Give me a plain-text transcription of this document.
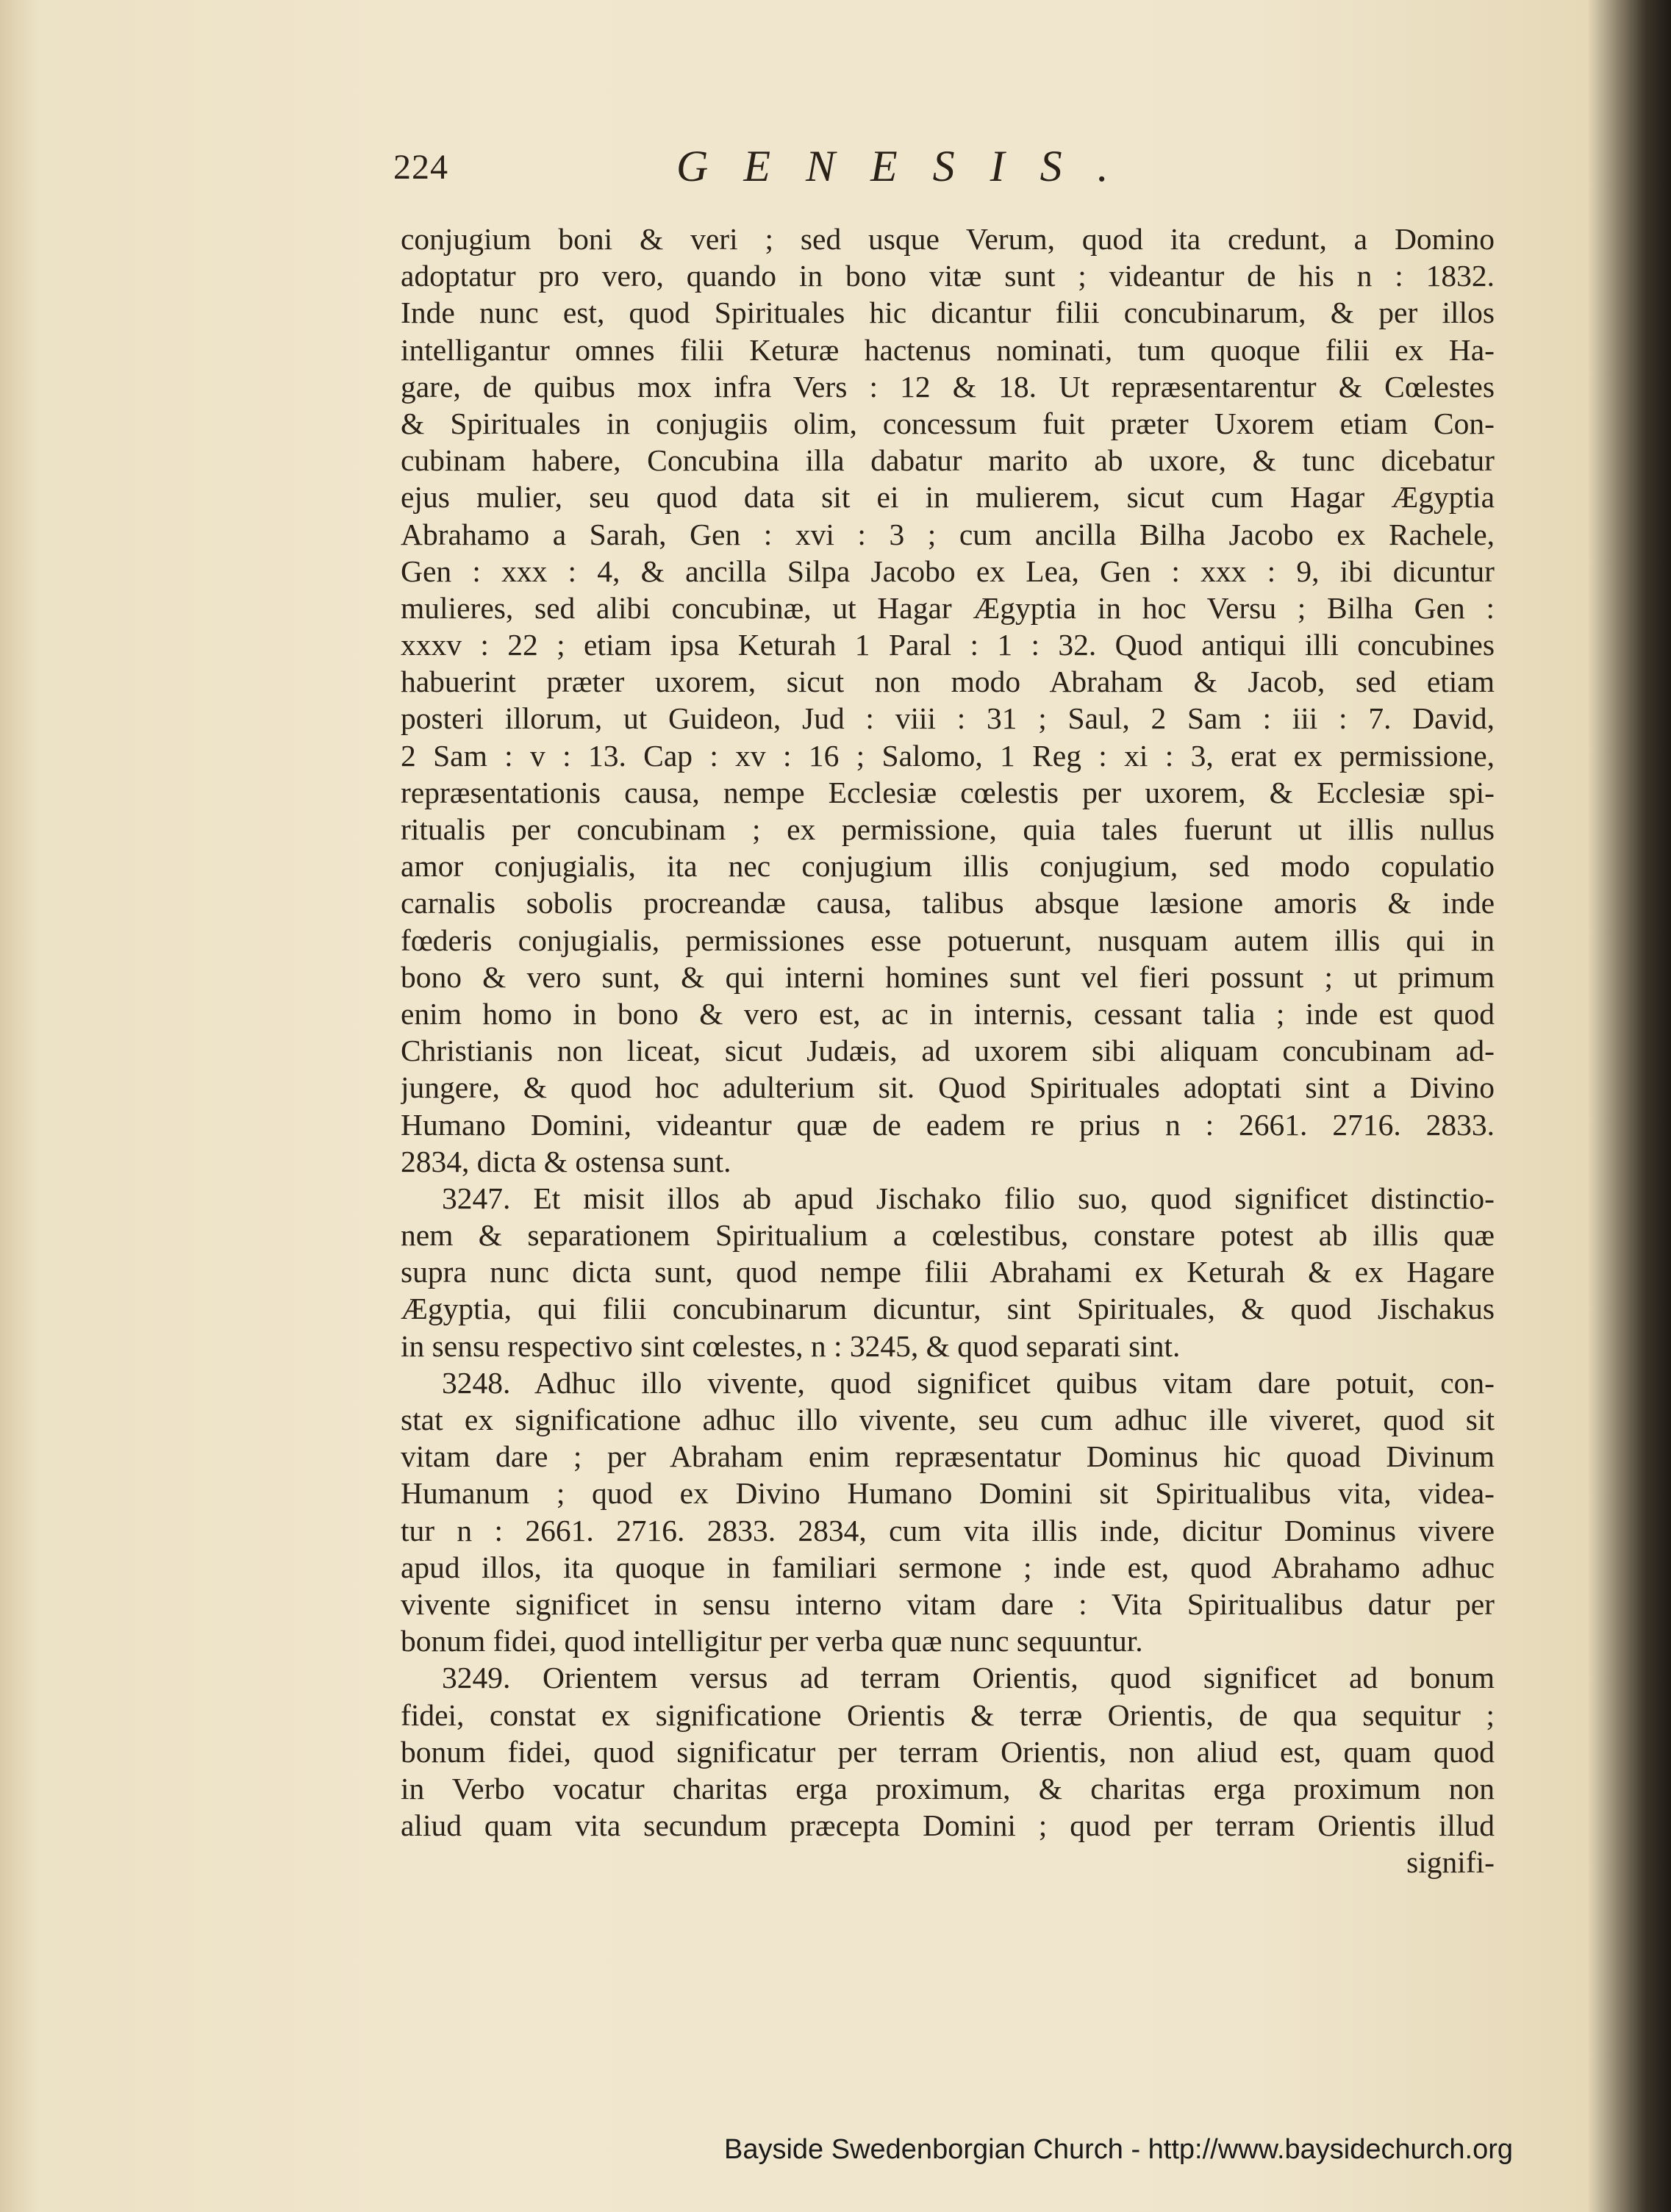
224	GENESIS.
conjugium boni & veri ; sed usque Verum, quod ita credunt, a Domino
adoptatur pro vero, quando in bono vitæ sunt ; videantur de his n : 1832.
Inde nunc est, quod Spirituales hic dicantur filii concubinarum, & per illos
intelligantur omnes filii Keturæ hactenus nominati, tum quoque filii ex Ha-
gare, de quibus mox infra Vers : 12 & 18. Ut repræsentarentur & Cœlestes
& Spirituales in conjugiis olim, concessum fuit præter Uxorem etiam Con-
cubinam habere, Concubina illa dabatur marito ab uxore, & tunc dicebatur
ejus mulier, seu quod data sit ei in mulierem, sicut cum Hagar Ægyptia
Abrahamo a Sarah, Gen : xvi : 3 ; cum ancilla Bilha Jacobo ex Rachele,
Gen : xxx : 4, & ancilla Silpa Jacobo ex Lea, Gen : xxx : 9, ibi dicuntur
mulieres, sed alibi concubinæ, ut Hagar Ægyptia in hoc Versu ; Bilha Gen :
xxxv : 22 ; etiam ipsa Keturah 1 Paral : 1 : 32. Quod antiqui illi concubines
habuerint præter uxorem, sicut non modo Abraham & Jacob, sed etiam
posteri illorum, ut Guideon, Jud : viii : 31 ; Saul, 2 Sam : iii : 7. David,
2 Sam : v : 13. Cap : xv : 16 ; Salomo, 1 Reg : xi : 3, erat ex permissione,
repræsentationis causa, nempe Ecclesiæ cœlestis per uxorem, & Ecclesiæ spi-
ritualis per concubinam ; ex permissione, quia tales fuerunt ut illis nullus
amor conjugialis, ita nec conjugium illis conjugium, sed modo copulatio
carnalis sobolis procreandæ causa, talibus absque læsione amoris & inde
fœderis conjugialis, permissiones esse potuerunt, nusquam autem illis qui in
bono & vero sunt, & qui interni homines sunt vel fieri possunt ; ut primum
enim homo in bono & vero est, ac in internis, cessant talia ; inde est quod
Christianis non liceat, sicut Judæis, ad uxorem sibi aliquam concubinam ad-
jungere, & quod hoc adulterium sit. Quod Spirituales adoptati sint a Divino
Humano Domini, videantur quæ de eadem re prius n : 2661. 2716. 2833.
2834, dicta & ostensa sunt.
3247. Et misit illos ab apud Jischako filio suo, quod significet distinctio-
nem & separationem Spiritualium a cœlestibus, constare potest ab illis quæ
supra nunc dicta sunt, quod nempe filii Abrahami ex Keturah & ex Hagare
Ægyptia, qui filii concubinarum dicuntur, sint Spirituales, & quod Jischakus
in sensu respectivo sint cœlestes, n : 3245, & quod separati sint.
3248. Adhuc illo vivente, quod significet quibus vitam dare potuit, con-
stat ex significatione adhuc illo vivente, seu cum adhuc ille viveret, quod sit
vitam dare ; per Abraham enim repræsentatur Dominus hic quoad Divinum
Humanum ; quod ex Divino Humano Domini sit Spiritualibus vita, videa-
tur n : 2661. 2716. 2833. 2834, cum vita illis inde, dicitur Dominus vivere
apud illos, ita quoque in familiari sermone ; inde est, quod Abrahamo adhuc
vivente significet in sensu interno vitam dare : Vita Spiritualibus datur per
bonum fidei, quod intelligitur per verba quæ nunc sequuntur.
3249. Orientem versus ad terram Orientis, quod significet ad bonum
fidei, constat ex significatione Orientis & terræ Orientis, de qua sequitur ;
bonum fidei, quod significatur per terram Orientis, non aliud est, quam quod
in Verbo vocatur charitas erga proximum, & charitas erga proximum non
aliud quam vita secundum præcepta Domini ; quod per terram Orientis illud
signifi-
Bayside Swedenborgian Church - http://www.baysidechurch.org
